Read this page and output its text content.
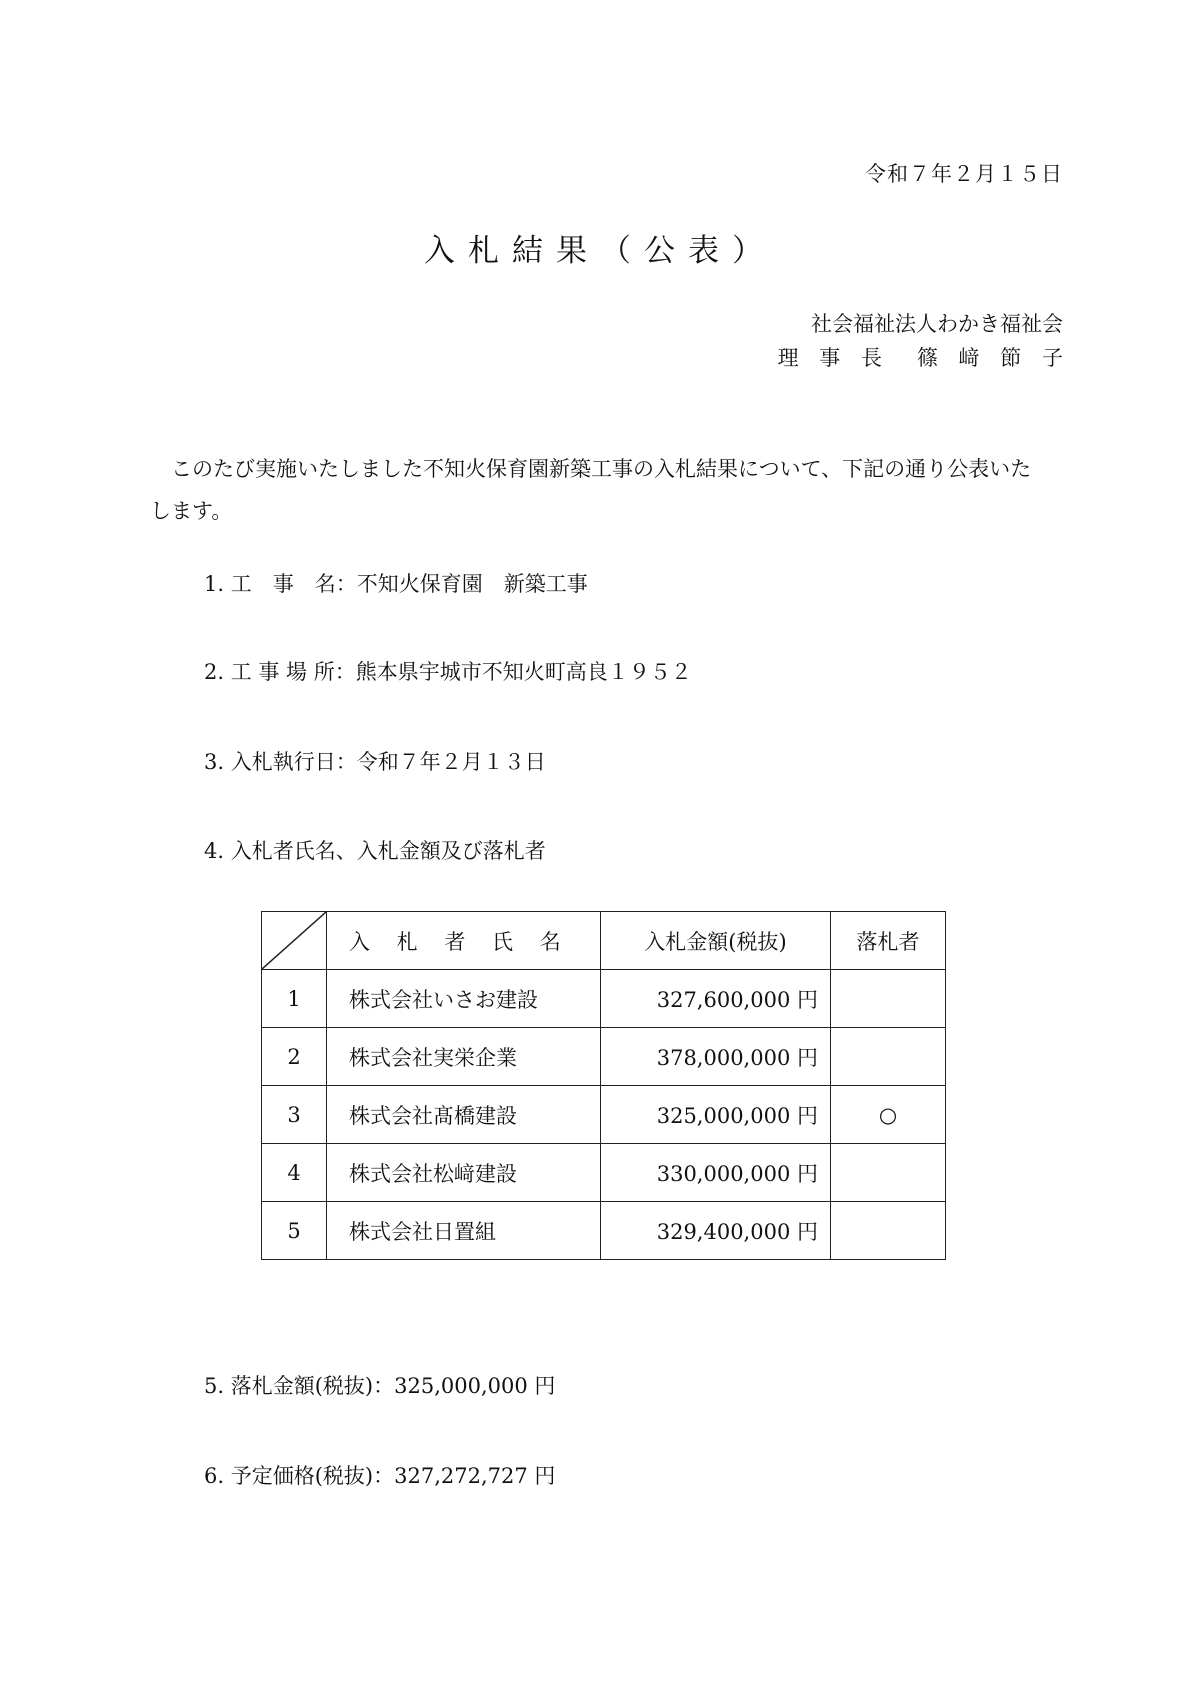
令和７年２月１５日
入札結果（公表）
社会福祉法人わかき福祉会
理 事 長　篠 﨑 節 子

このたび実施いたしました不知火保育園新築工事の入札結果について、下記の通り公表いたします。

1. 工　事　名：不知火保育園　新築工事
2. 工 事 場 所：熊本県宇城市不知火町高良１９５２
3. 入札執行日：令和７年２月１３日
4. 入札者氏名、入札金額及び落札者
	入 札 者 氏 名	入札金額(税抜)	落札者
1	株式会社いさお建設	327,600,000 円	
2	株式会社実栄企業	378,000,000 円	
3	株式会社髙橋建設	325,000,000 円	○
4	株式会社松﨑建設	330,000,000 円	
5	株式会社日置組	329,400,000 円	
5. 落札金額(税抜)：325,000,000 円
6. 予定価格(税抜)：327,272,727 円
